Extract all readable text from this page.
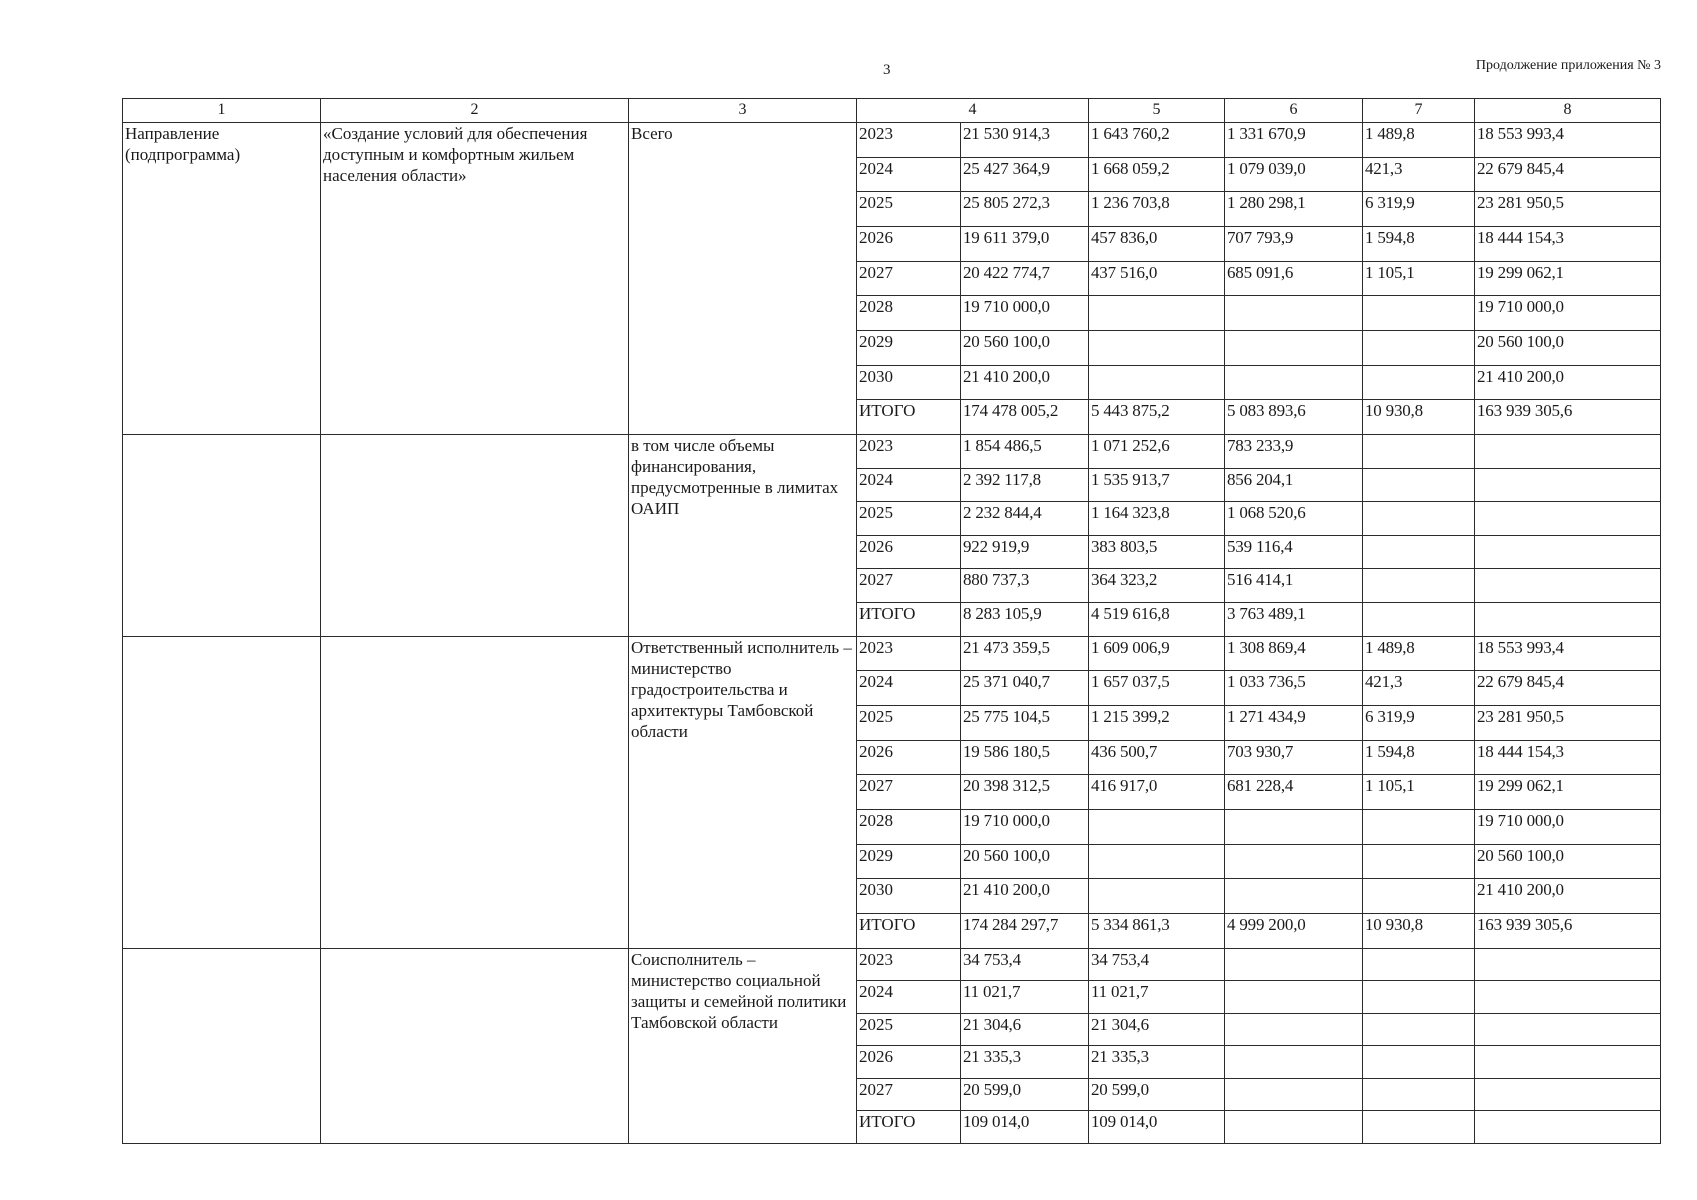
3	Продолжение приложения № 3
1	2	3	4		5	6	7	8
Направление (подпрограмма)	«Создание условий для обеспечения доступным и комфортным жильем населения области»	Всего	2023	21 530 914,3	1 643 760,2	1 331 670,9	1 489,8	18 553 993,4
			2024	25 427 364,9	1 668 059,2	1 079 039,0	421,3	22 679 845,4
			2025	25 805 272,3	1 236 703,8	1 280 298,1	6 319,9	23 281 950,5
			2026	19 611 379,0	457 836,0	707 793,9	1 594,8	18 444 154,3
			2027	20 422 774,7	437 516,0	685 091,6	1 105,1	19 299 062,1
			2028	19 710 000,0				19 710 000,0
			2029	20 560 100,0				20 560 100,0
			2030	21 410 200,0				21 410 200,0
			ИТОГО	174 478 005,2	5 443 875,2	5 083 893,6	10 930,8	163 939 305,6
		в том числе объемы финансирования, предусмотренные в лимитах ОАИП	2023	1 854 486,5	1 071 252,6	783 233,9		
			2024	2 392 117,8	1 535 913,7	856 204,1		
			2025	2 232 844,4	1 164 323,8	1 068 520,6		
			2026	922 919,9	383 803,5	539 116,4		
			2027	880 737,3	364 323,2	516 414,1		
			ИТОГО	8 283 105,9	4 519 616,8	3 763 489,1		
		Ответственный исполнитель – министерство градостроительства и архитектуры Тамбовской области	2023	21 473 359,5	1 609 006,9	1 308 869,4	1 489,8	18 553 993,4
			2024	25 371 040,7	1 657 037,5	1 033 736,5	421,3	22 679 845,4
			2025	25 775 104,5	1 215 399,2	1 271 434,9	6 319,9	23 281 950,5
			2026	19 586 180,5	436 500,7	703 930,7	1 594,8	18 444 154,3
			2027	20 398 312,5	416 917,0	681 228,4	1 105,1	19 299 062,1
			2028	19 710 000,0				19 710 000,0
			2029	20 560 100,0				20 560 100,0
			2030	21 410 200,0				21 410 200,0
			ИТОГО	174 284 297,7	5 334 861,3	4 999 200,0	10 930,8	163 939 305,6
		Соисполнитель – министерство социальной защиты и семейной политики Тамбовской области	2023	34 753,4	34 753,4			
			2024	11 021,7	11 021,7			
			2025	21 304,6	21 304,6			
			2026	21 335,3	21 335,3			
			2027	20 599,0	20 599,0			
			ИТОГО	109 014,0	109 014,0			
